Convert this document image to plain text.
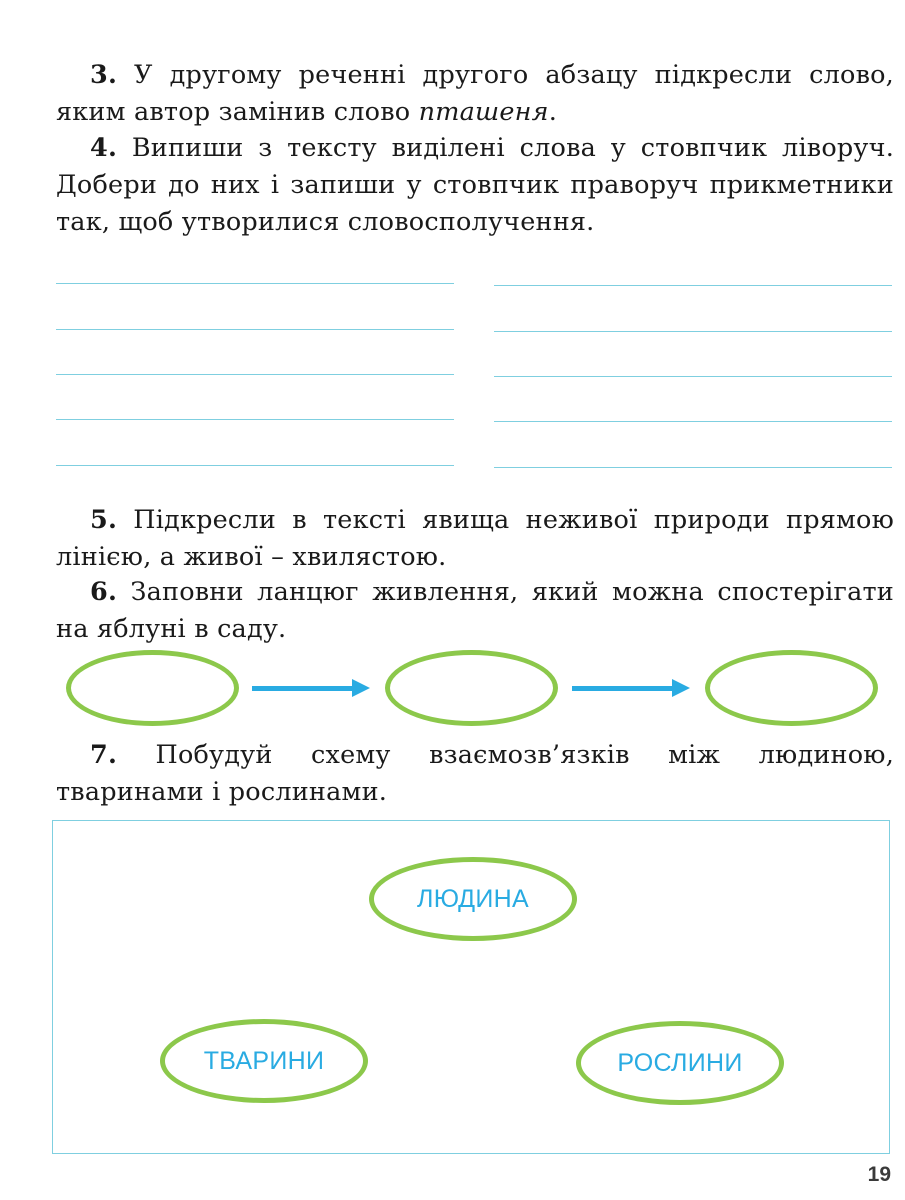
3. У другому реченні другого абзацу підкресли слово, яким автор замінив слово пташеня.
4. Випиши з тексту виділені слова у стовпчик ліворуч. Добери до них і запиши у стовпчик праворуч прикметники так, щоб утворилися словосполучення.
5. Підкресли в тексті явища неживої природи прямою лінією, а живої – хвилястою.
6. Заповни ланцюг живлення, який можна спостерігати на яблуні в саду.
7. Побудуй схему взаємозв’язків між людиною, тваринами і рослинами.
ЛЮДИНА
ТВАРИНИ	РОСЛИНИ
19
